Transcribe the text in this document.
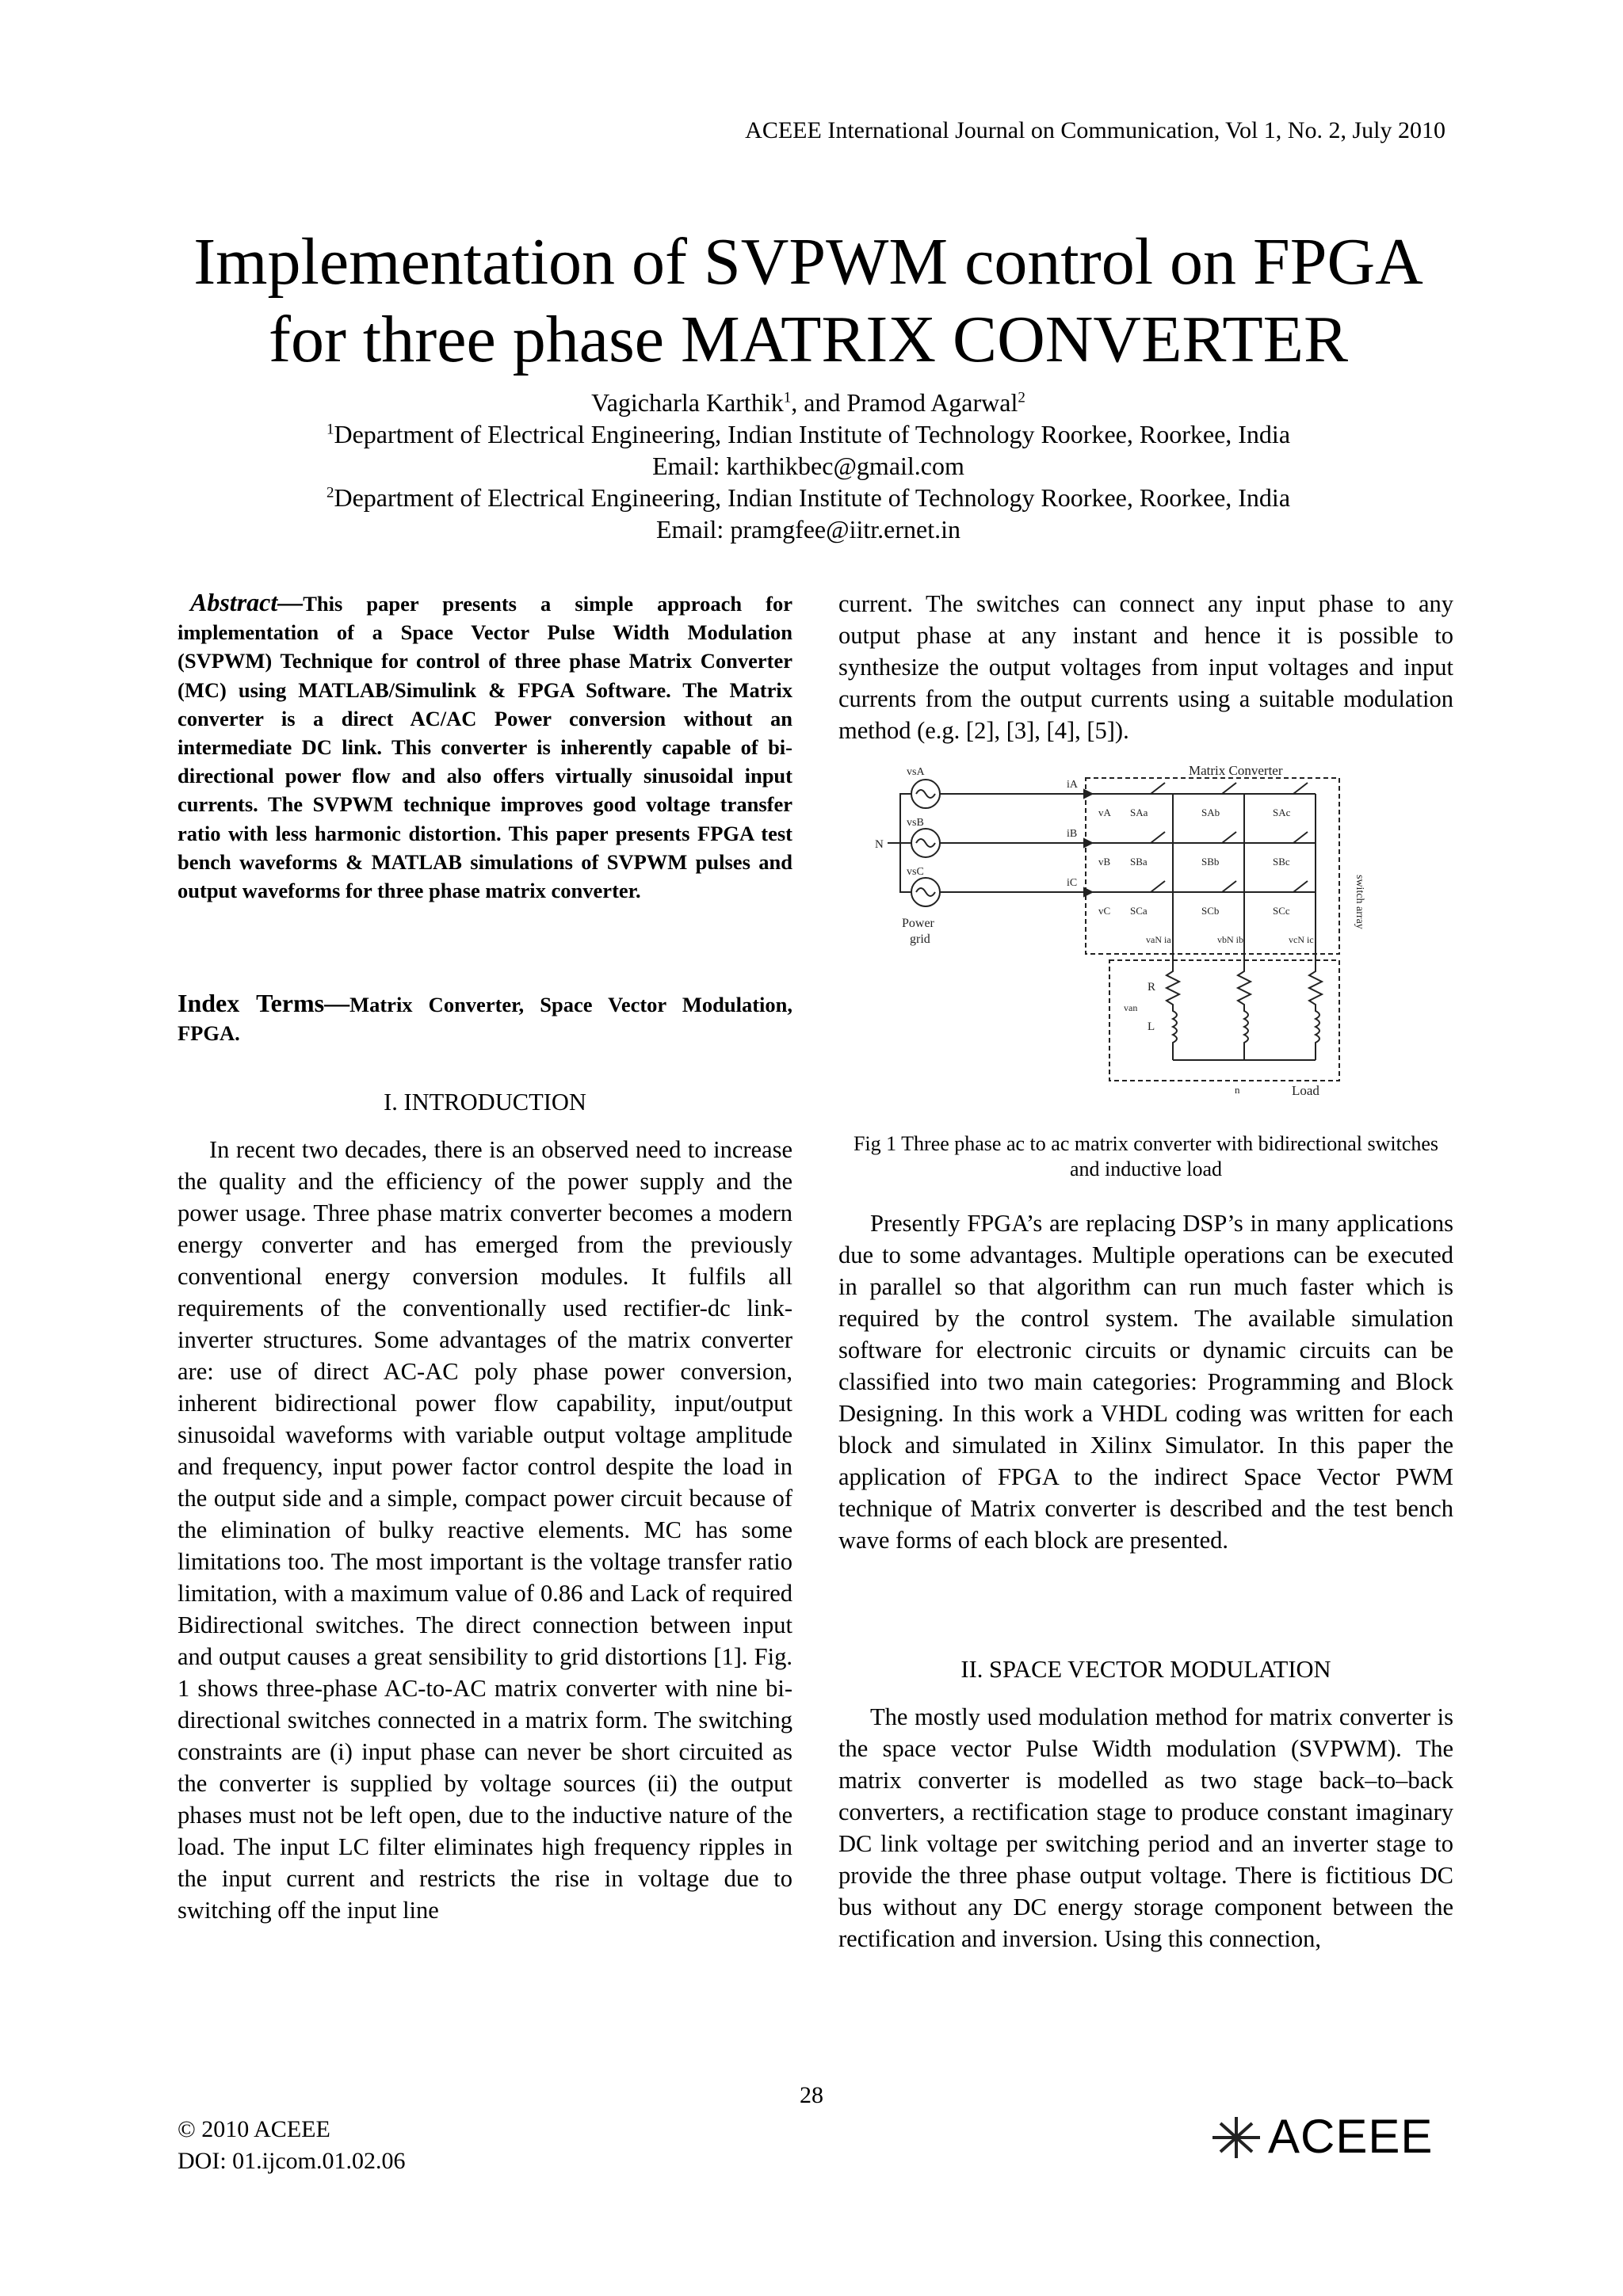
ACEEE International Journal on Communication, Vol 1, No. 2, July 2010
Implementation of SVPWM control on FPGA
for three phase MATRIX CONVERTER
Vagicharla Karthik$^1$, and Pramod Agarwal$^2$
$^1$Department of Electrical Engineering, Indian Institute of Technology Roorkee, Roorkee, India
Email: karthikbec@gmail.com
$^2$Department of Electrical Engineering, Indian Institute of Technology Roorkee, Roorkee, India
Email: pramgfee@iitr.ernet.in
Abstract—This paper presents a simple approach for implementation of a Space Vector Pulse Width Modulation (SVPWM) Technique for control of three phase Matrix Converter (MC) using MATLAB/Simulink & FPGA Software. The Matrix converter is a direct AC/AC Power conversion without an intermediate DC link. This converter is inherently capable of bi-directional power flow and also offers virtually sinusoidal input currents. The SVPWM technique improves good voltage transfer ratio with less harmonic distortion. This paper presents FPGA test bench waveforms & MATLAB simulations of SVPWM pulses and output waveforms for three phase matrix converter.
Index Terms—Matrix Converter, Space Vector Modulation, FPGA.
I. INTRODUCTION

In recent two decades, there is an observed need to increase the quality and the efficiency of the power supply and the power usage. Three phase matrix converter becomes a modern energy converter and has emerged from the previously conventional energy conversion modules. It fulfils all requirements of the conventionally used rectifier-dc link- inverter structures. Some advantages of the matrix converter are: use of direct AC-AC poly phase power conversion, inherent bidirectional power flow capability, input/output sinusoidal waveforms with variable output voltage amplitude and frequency, input power factor control despite the load in the output side and a simple, compact power circuit because of the elimination of bulky reactive elements. MC has some limitations too. The most important is the voltage transfer ratio limitation, with a maximum value of 0.86 and Lack of required Bidirectional switches. The direct connection between input and output causes a great sensibility to grid distortions [1]. Fig. 1 shows three-phase AC-to-AC matrix converter with nine bi-directional switches connected in a matrix form. The switching constraints are (i) input phase can never be short circuited as the converter is supplied by voltage sources (ii) the output phases must not be left open, due to the inductive nature of the load. The input LC filter eliminates high frequency ripples in the input current and restricts the rise in voltage due to switching off the input line

current. The switches can connect any input phase to any output phase at any instant and hence it is possible to synthesize the output voltages from input voltages and input currents from the output currents using a suitable modulation method (e.g. [2], [3], [4], [5]).

Matrix Converter
switch array
vsA
vsB
vsC
N
Power
grid
iA
iB
iC
vA
vB
vC
SAa	SAb	SAc
SBa	SBb	SBc
SCa	SCb	SCc
vaN ia	vbN ib	vcN ic
R
L
van
n	Load
Fig 1 Three phase ac to ac matrix converter with bidirectional switches and inductive load

Presently FPGA’s are replacing DSP’s in many applications due to some advantages. Multiple operations can be executed in parallel so that algorithm can run much faster which is required by the control system. The available simulation software for electronic circuits or dynamic circuits can be classified into two main categories: Programming and Block Designing. In this work a VHDL coding was written for each block and simulated in Xilinx Simulator. In this paper the application of FPGA to the indirect Space Vector PWM technique of Matrix converter is described and the test bench wave forms of each block are presented.

II. SPACE VECTOR MODULATION

The mostly used modulation method for matrix converter is the space vector Pulse Width modulation (SVPWM). The matrix converter is modelled as two stage back–to–back converters, a rectification stage to produce constant imaginary DC link voltage per switching period and an inverter stage to provide the three phase output voltage. There is fictitious DC bus without any DC energy storage component between the rectification and inversion. Using this connection,

28
© 2010 ACEEE
DOI: 01.ijcom.01.02.06	ACEEE
